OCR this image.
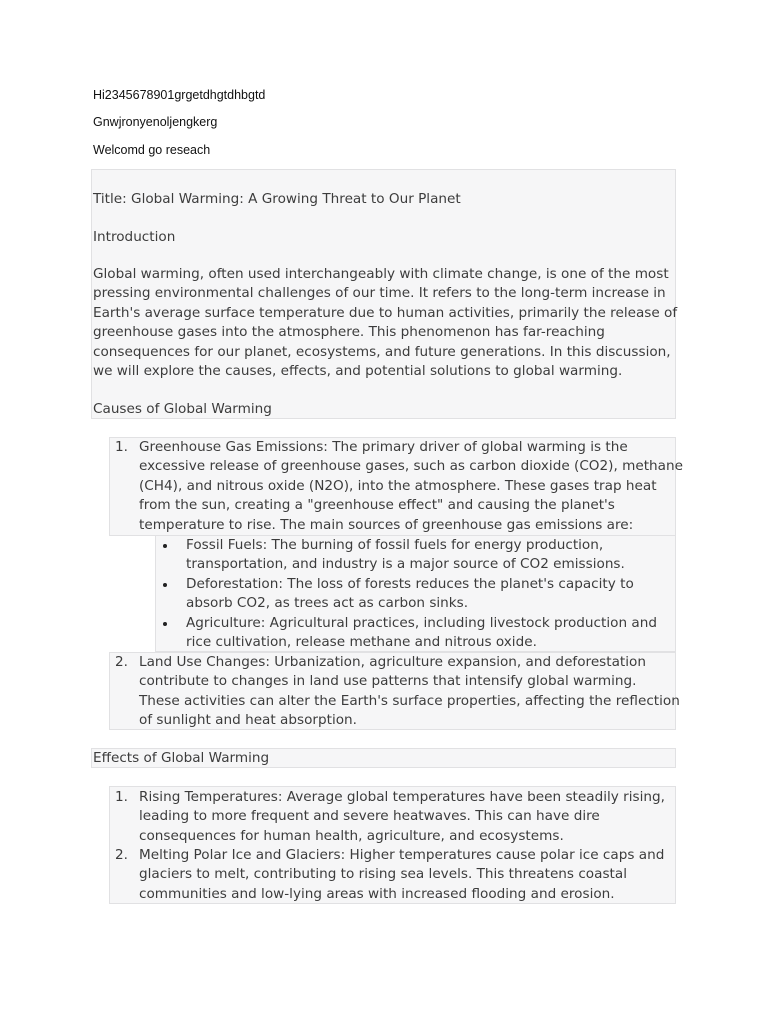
Hi2345678901grgetdhgtdhbgtd
Gnwjronyenoljengkerg
Welcomd go reseach
Title: Global Warming: A Growing Threat to Our Planet
Introduction
Global warming, often used interchangeably with climate change, is one of the most
pressing environmental challenges of our time. It refers to the long-term increase in
Earth's average surface temperature due to human activities, primarily the release of
greenhouse gases into the atmosphere. This phenomenon has far-reaching
consequences for our planet, ecosystems, and future generations. In this discussion,
we will explore the causes, effects, and potential solutions to global warming.
Causes of Global Warming
1. Greenhouse Gas Emissions: The primary driver of global warming is the
excessive release of greenhouse gases, such as carbon dioxide (CO2), methane
(CH4), and nitrous oxide (N2O), into the atmosphere. These gases trap heat
from the sun, creating a "greenhouse effect" and causing the planet's
temperature to rise. The main sources of greenhouse gas emissions are:
Fossil Fuels: The burning of fossil fuels for energy production,
transportation, and industry is a major source of CO2 emissions.
Deforestation: The loss of forests reduces the planet's capacity to
absorb CO2, as trees act as carbon sinks.
Agriculture: Agricultural practices, including livestock production and
rice cultivation, release methane and nitrous oxide.
2. Land Use Changes: Urbanization, agriculture expansion, and deforestation
contribute to changes in land use patterns that intensify global warming.
These activities can alter the Earth's surface properties, affecting the reflection
of sunlight and heat absorption.
Effects of Global Warming
1. Rising Temperatures: Average global temperatures have been steadily rising,
leading to more frequent and severe heatwaves. This can have dire
consequences for human health, agriculture, and ecosystems.
2. Melting Polar Ice and Glaciers: Higher temperatures cause polar ice caps and
glaciers to melt, contributing to rising sea levels. This threatens coastal
communities and low-lying areas with increased flooding and erosion.
